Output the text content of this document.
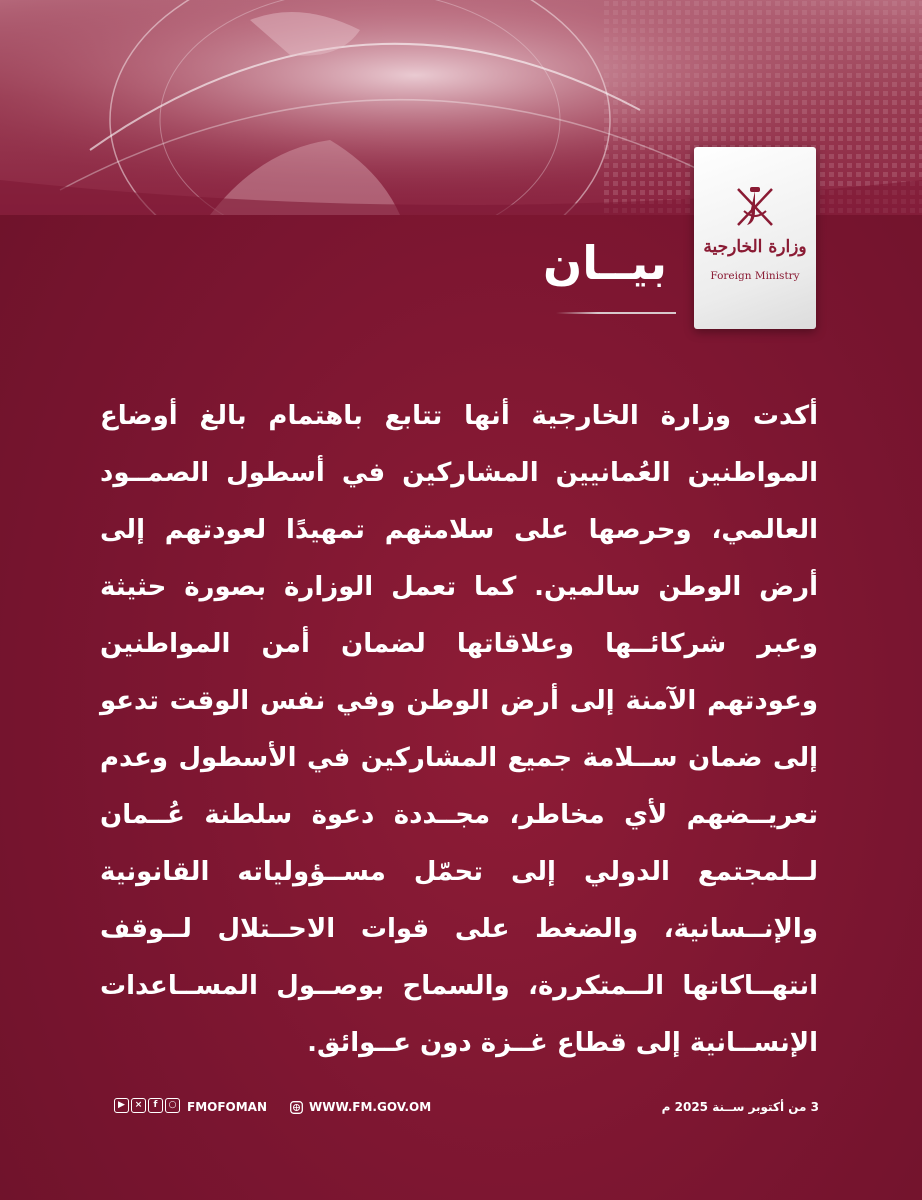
وزارة الخارجية
Foreign Ministry
بيــان

أكدت وزارة الخارجية أنها تتابع باهتمام بالغ أوضاع المواطنين العُمانيين المشاركين في أسطول الصمــود العالمي، وحرصها على سلامتهم تمهيدًا لعودتهم إلى أرض الوطن سالمين. كما تعمل الوزارة بصورة حثيثة وعبر شركائــها وعلاقاتها لضمان أمن المواطنين وعودتهم الآمنة إلى أرض الوطن وفي نفس الوقت تدعو إلى ضمان ســلامة جميع المشاركين في الأسطول وعدم تعريــضهم لأي مخاطر، مجــددة دعوة سلطنة عُــمان لــلمجتمع الدولي إلى تحمّل مســؤولياته القانونية والإنــسانية، والضغط على قوات الاحــتلال لــوقف انتهــاكاتها الــمتكررة، والسماح بوصــول المســاعدات الإنســانية إلى قطاع غــزة دون عــوائق.

▶ × f ○ FMOFOMAN	WWW.FM.GOV.OM	3 من أكتوبر ســنة 2025 م
